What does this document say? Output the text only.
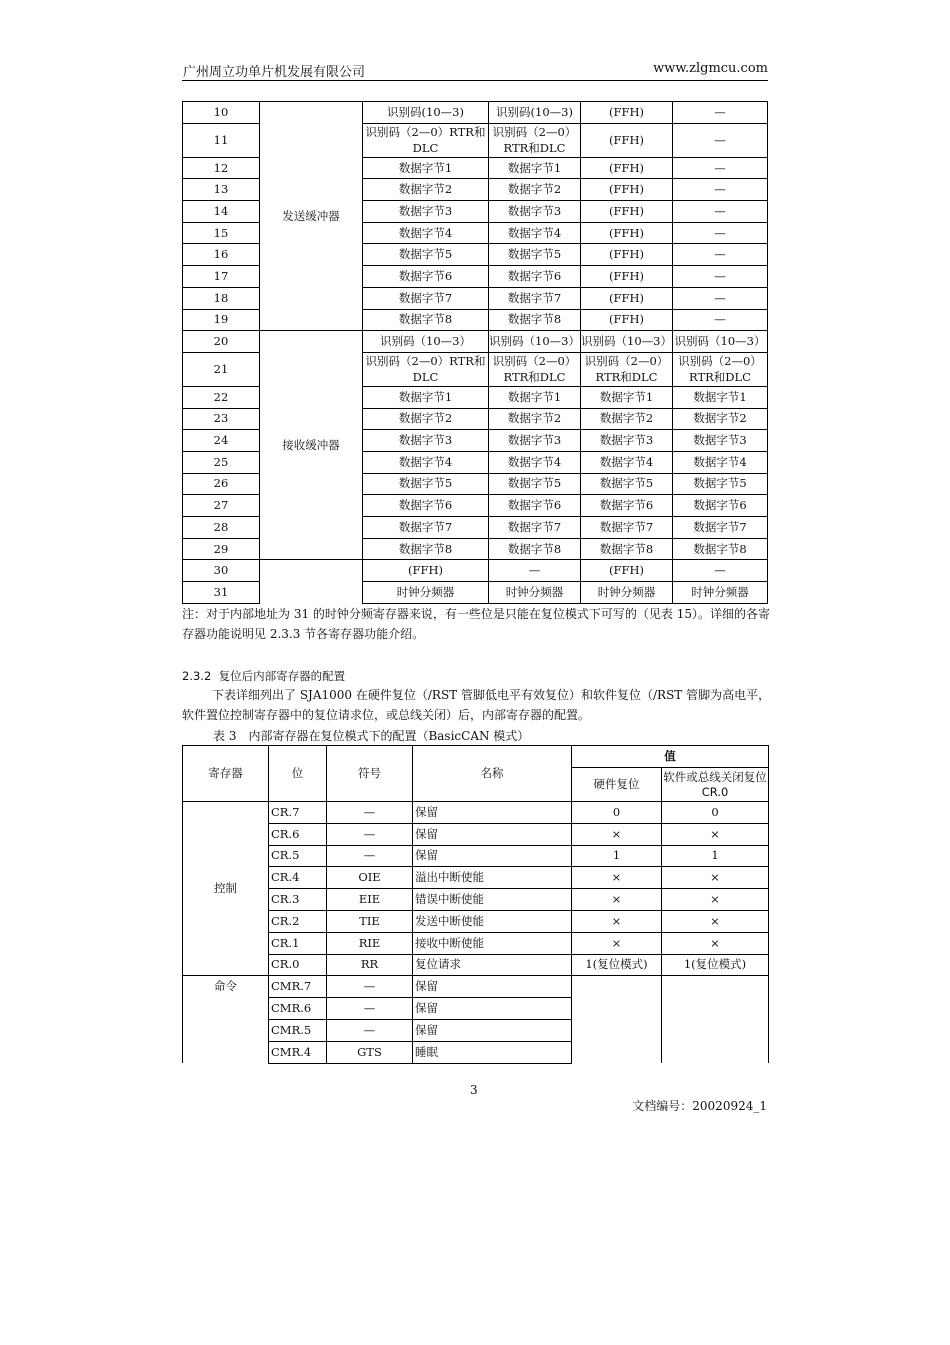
广州周立功单片机发展有限公司	www.zlgmcu.com
10	发送缓冲器	识别码(10—3)	识别码(10—3)	(FFH)	—
11		识别码（2—0）RTR和DLC	识别码（2—0）RTR和DLC	(FFH)	—
12		数据字节1	数据字节1	(FFH)	—
13		数据字节2	数据字节2	(FFH)	—
14		数据字节3	数据字节3	(FFH)	—
15		数据字节4	数据字节4	(FFH)	—
16		数据字节5	数据字节5	(FFH)	—
17		数据字节6	数据字节6	(FFH)	—
18		数据字节7	数据字节7	(FFH)	—
19		数据字节8	数据字节8	(FFH)	—
20	接收缓冲器	识别码（10—3）	识别码（10—3）	识别码（10—3）	识别码（10—3）
21		识别码（2—0）RTR和DLC	识别码（2—0）RTR和DLC	识别码（2—0）RTR和DLC	识别码（2—0）RTR和DLC
22		数据字节1	数据字节1	数据字节1	数据字节1
23		数据字节2	数据字节2	数据字节2	数据字节2
24		数据字节3	数据字节3	数据字节3	数据字节3
25		数据字节4	数据字节4	数据字节4	数据字节4
26		数据字节5	数据字节5	数据字节5	数据字节5
27		数据字节6	数据字节6	数据字节6	数据字节6
28		数据字节7	数据字节7	数据字节7	数据字节7
29		数据字节8	数据字节8	数据字节8	数据字节8
30		(FFH)	—	(FFH)	—
31		时钟分频器	时钟分频器	时钟分频器	时钟分频器
注：对于内部地址为 31 的时钟分频寄存器来说，有一些位是只能在复位模式下可写的（见表 15）。详细的各寄存器功能说明见 2.3.3 节各寄存器功能介绍。
2.3.2 复位后内部寄存器的配置
下表详细列出了 SJA1000 在硬件复位（/RST 管脚低电平有效复位）和软件复位（/RST 管脚为高电平，软件置位控制寄存器中的复位请求位，或总线关闭）后，内部寄存器的配置。
表 3　内部寄存器在复位模式下的配置（BasicCAN 模式）
寄存器	位	符号	名称	值	
				硬件复位	软件或总线关闭复位CR.0
控制	CR.7	—	保留	0	0
	CR.6	—	保留	×	×
	CR.5	—	保留	1	1
	CR.4	OIE	溢出中断使能	×	×
	CR.3	EIE	错误中断使能	×	×
	CR.2	TIE	发送中断使能	×	×
	CR.1	RIE	接收中断使能	×	×
	CR.0	RR	复位请求	1(复位模式)	1(复位模式)
命令	CMR.7	—	保留		
	CMR.6	—	保留		
	CMR.5	—	保留		
	CMR.4	GTS	睡眠		
3
文档编号：20020924_1
